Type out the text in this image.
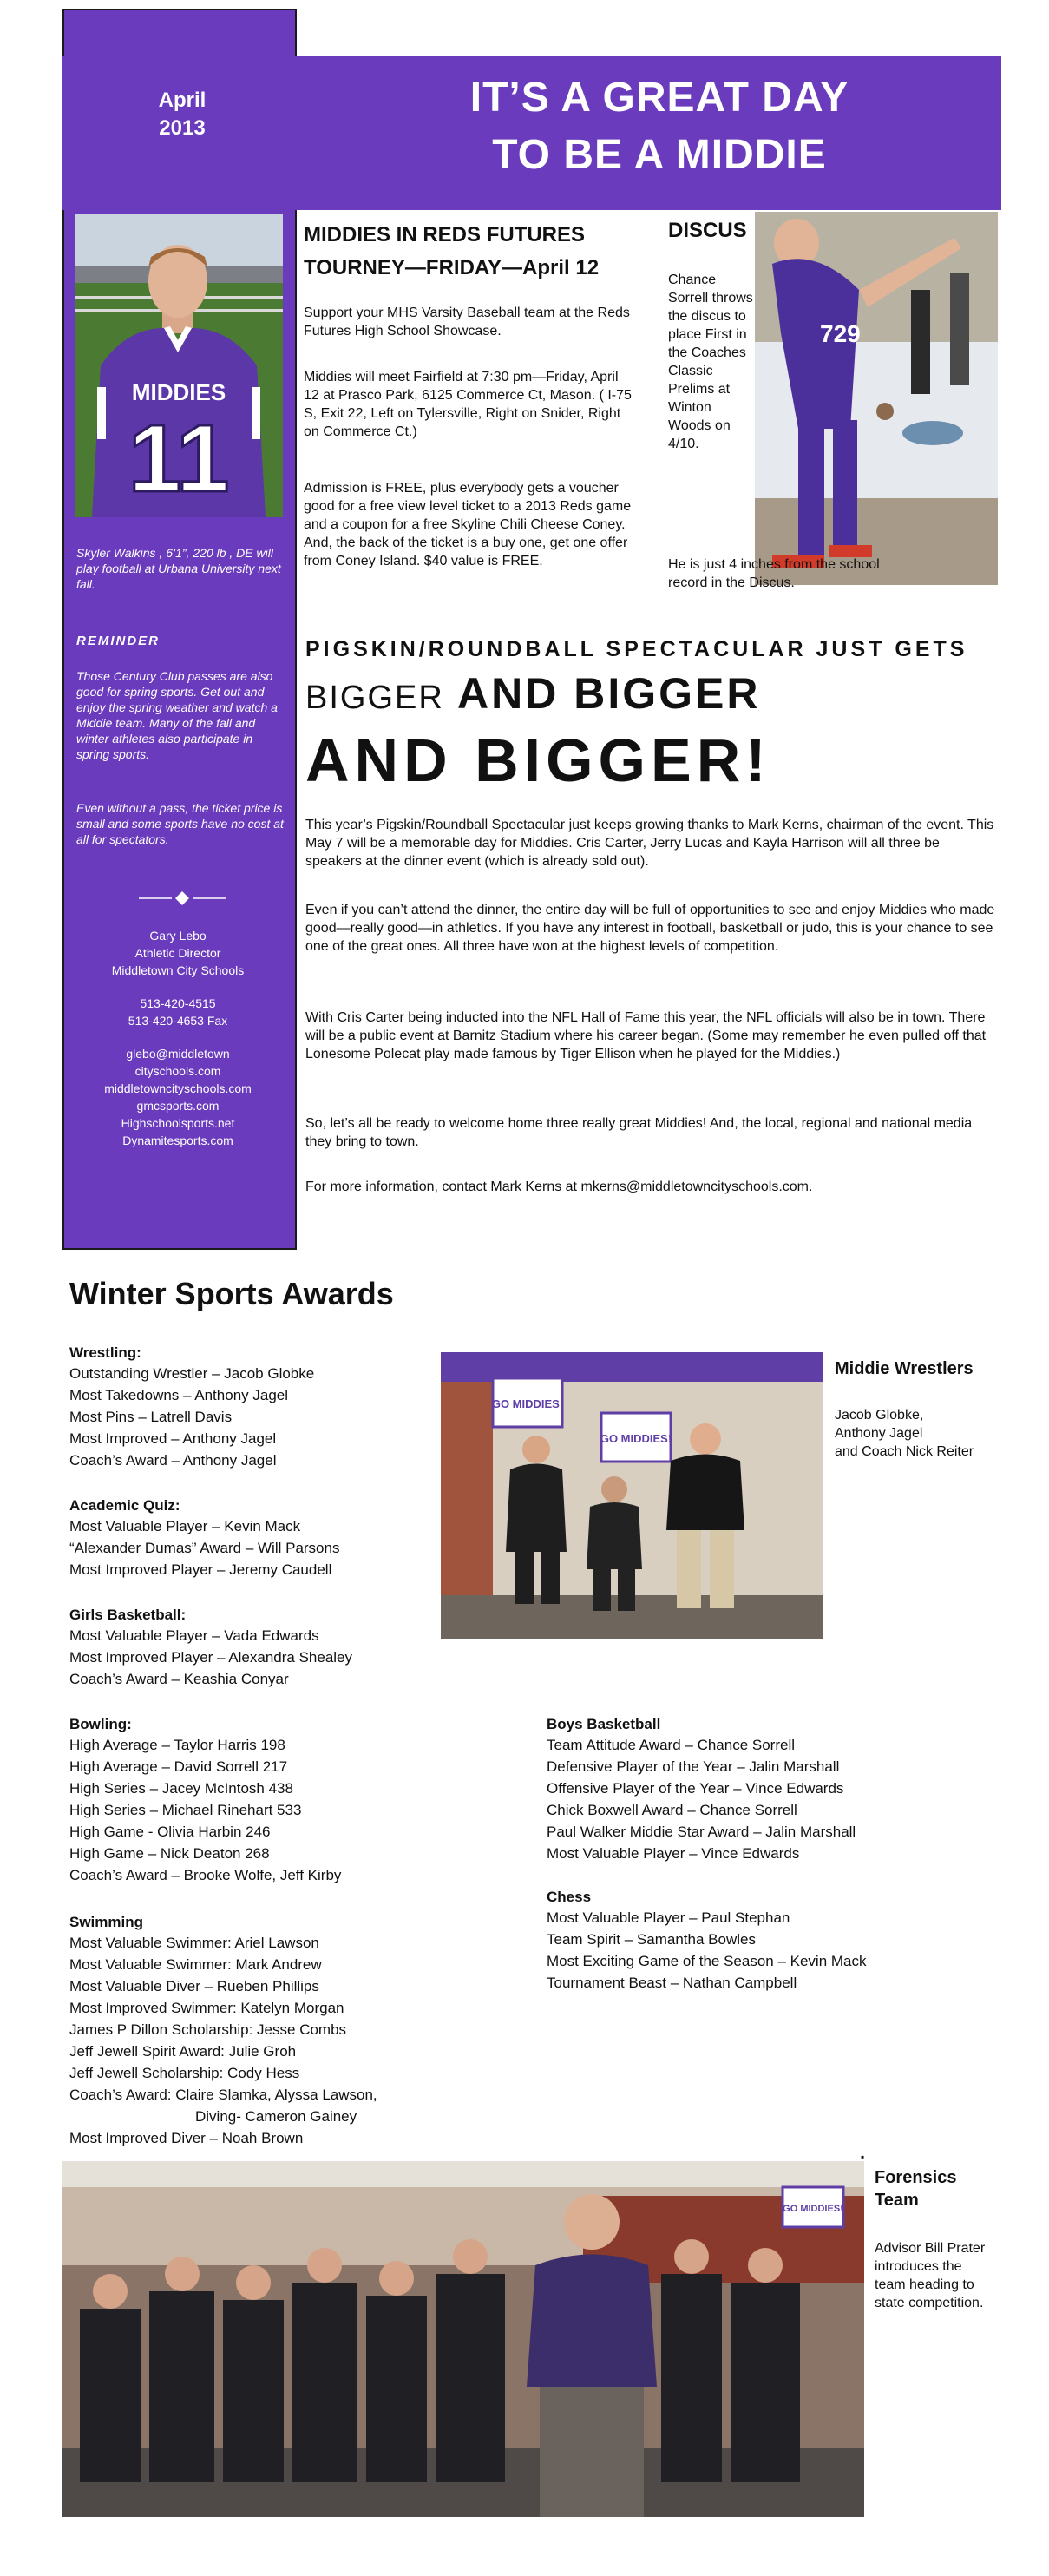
April
2013
IT’S A GREAT DAY
TO BE A MIDDIE
MIDDIES
11
Skyler Walkins , 6’1”, 220 lb , DE will play football at Urbana University next fall.
REMINDER
Those Century Club passes are also good for spring sports. Get out and enjoy the spring weather and watch a Middie team. Many of the fall and winter athletes also participate in spring sports.
Even without a pass, the ticket price is small and some sports have no cost at all for spectators.
Gary Lebo
Athletic Director
Middletown City Schools
513-420-4515
513-420-4653 Fax
glebo@middletown
cityschools.com
middletowncityschools.com
gmcsports.com
Highschoolsports.net
Dynamitesports.com
MIDDIES IN REDS FUTURES TOURNEY—FRIDAY—April 12
Support your MHS Varsity Baseball team at the Reds Futures High School Showcase.
Middies will meet Fairfield at 7:30 pm—Friday, April 12 at Prasco Park, 6125 Commerce Ct, Mason. ( I-75 S, Exit 22, Left on Tylersville, Right on Snider, Right on Commerce Ct.)
Admission is FREE, plus everybody gets a voucher good for a free view level ticket to a 2013 Reds game and a coupon for a free Skyline Chili Cheese Coney. And, the back of the ticket is a buy one, get one offer from Coney Island. $40 value is FREE.
DISCUS
Chance Sorrell throws the discus to place First in the Coaches Classic Prelims at Winton Woods on 4/10.
729
He is just 4 inches from the school record in the Discus.
PIGSKIN/ROUNDBALL SPECTACULAR JUST GETS
BIGGER AND BIGGER
AND BIGGER!
This year’s Pigskin/Roundball Spectacular just keeps growing thanks to Mark Kerns, chairman of the event. This May 7 will be a memorable day for Middies. Cris Carter, Jerry Lucas and Kayla Harrison will all three be speakers at the dinner event (which is already sold out).
Even if you can’t attend the dinner, the entire day will be full of opportunities to see and enjoy Middies who made good—really good—in athletics. If you have any interest in football, basketball or judo, this is your chance to see one of the great ones. All three have won at the highest levels of competition.
With Cris Carter being inducted into the NFL Hall of Fame this year, the NFL officials will also be in town. There will be a public event at Barnitz Stadium where his career began. (Some may remember he even pulled off that Lonesome Polecat play made famous by Tiger Ellison when he played for the Middies.)
So, let’s all be ready to welcome home three really great Middies! And, the local, regional and national media they bring to town.
For more information, contact Mark Kerns at mkerns@middletowncityschools.com.
Winter Sports Awards
Wrestling:
Outstanding Wrestler – Jacob Globke
Most Takedowns – Anthony Jagel
Most Pins – Latrell Davis
Most Improved – Anthony Jagel
Coach’s Award – Anthony Jagel
Academic Quiz:
Most Valuable Player – Kevin Mack
“Alexander Dumas” Award – Will Parsons
Most Improved Player – Jeremy Caudell
Girls Basketball:
Most Valuable Player – Vada Edwards
Most Improved Player – Alexandra Shealey
Coach’s Award – Keashia Conyar
Bowling:
High Average – Taylor Harris 198
High Average – David Sorrell 217
High Series – Jacey McIntosh 438
High Series – Michael Rinehart 533
High Game - Olivia Harbin 246
High Game – Nick Deaton 268
Coach’s Award – Brooke Wolfe, Jeff Kirby
Swimming
Most Valuable Swimmer: Ariel Lawson
Most Valuable Swimmer: Mark Andrew
Most Valuable Diver – Rueben Phillips
Most Improved Swimmer: Katelyn Morgan
James P Dillon Scholarship: Jesse Combs
Jeff Jewell Spirit Award: Julie Groh
Jeff Jewell Scholarship: Cody Hess
Coach’s Award: Claire Slamka, Alyssa Lawson,
Diving- Cameron Gainey
Most Improved Diver – Noah Brown
Boys Basketball
Team Attitude Award – Chance Sorrell
Defensive Player of the Year – Jalin Marshall
Offensive Player of the Year – Vince Edwards
Chick Boxwell Award – Chance Sorrell
Paul Walker Middie Star Award – Jalin Marshall
Most Valuable Player – Vince Edwards
Chess
Most Valuable Player – Paul Stephan
Team Spirit – Samantha Bowles
Most Exciting Game of the Season – Kevin Mack
Tournament Beast – Nathan Campbell
GO MIDDIES!
GO MIDDIES!
Middie Wrestlers
Jacob Globke,
Anthony Jagel
and Coach Nick Reiter
GO MIDDIES!
▪
Forensics Team
Advisor Bill Prater introduces the team heading to state competition.
